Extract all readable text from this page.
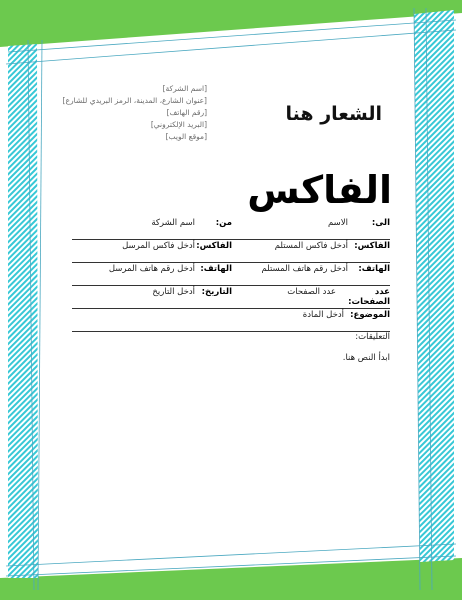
[اسم الشركة]
[عنوان الشارع، المدينة، الرمز البريدي للشارع]
[رقم الهاتف]
[البريد الإلكتروني]
[موقع الويب]
الشعار هنا
الفاكس
الى:
الاسم
من:
اسم الشركة
الفاكس:
أدخل فاكس المستلم
الفاكس:
أدخل فاكس المرسل
الهاتف:
أدخل رقم هاتف المستلم
الهاتف:
أدخل رقم هاتف المرسل
عدد الصفحات:
عدد الصفحات
التاريخ:
أدخل التاريخ
الموضوع:
أدخل المادة
التعليقات:
ابدأ النص هنا.
